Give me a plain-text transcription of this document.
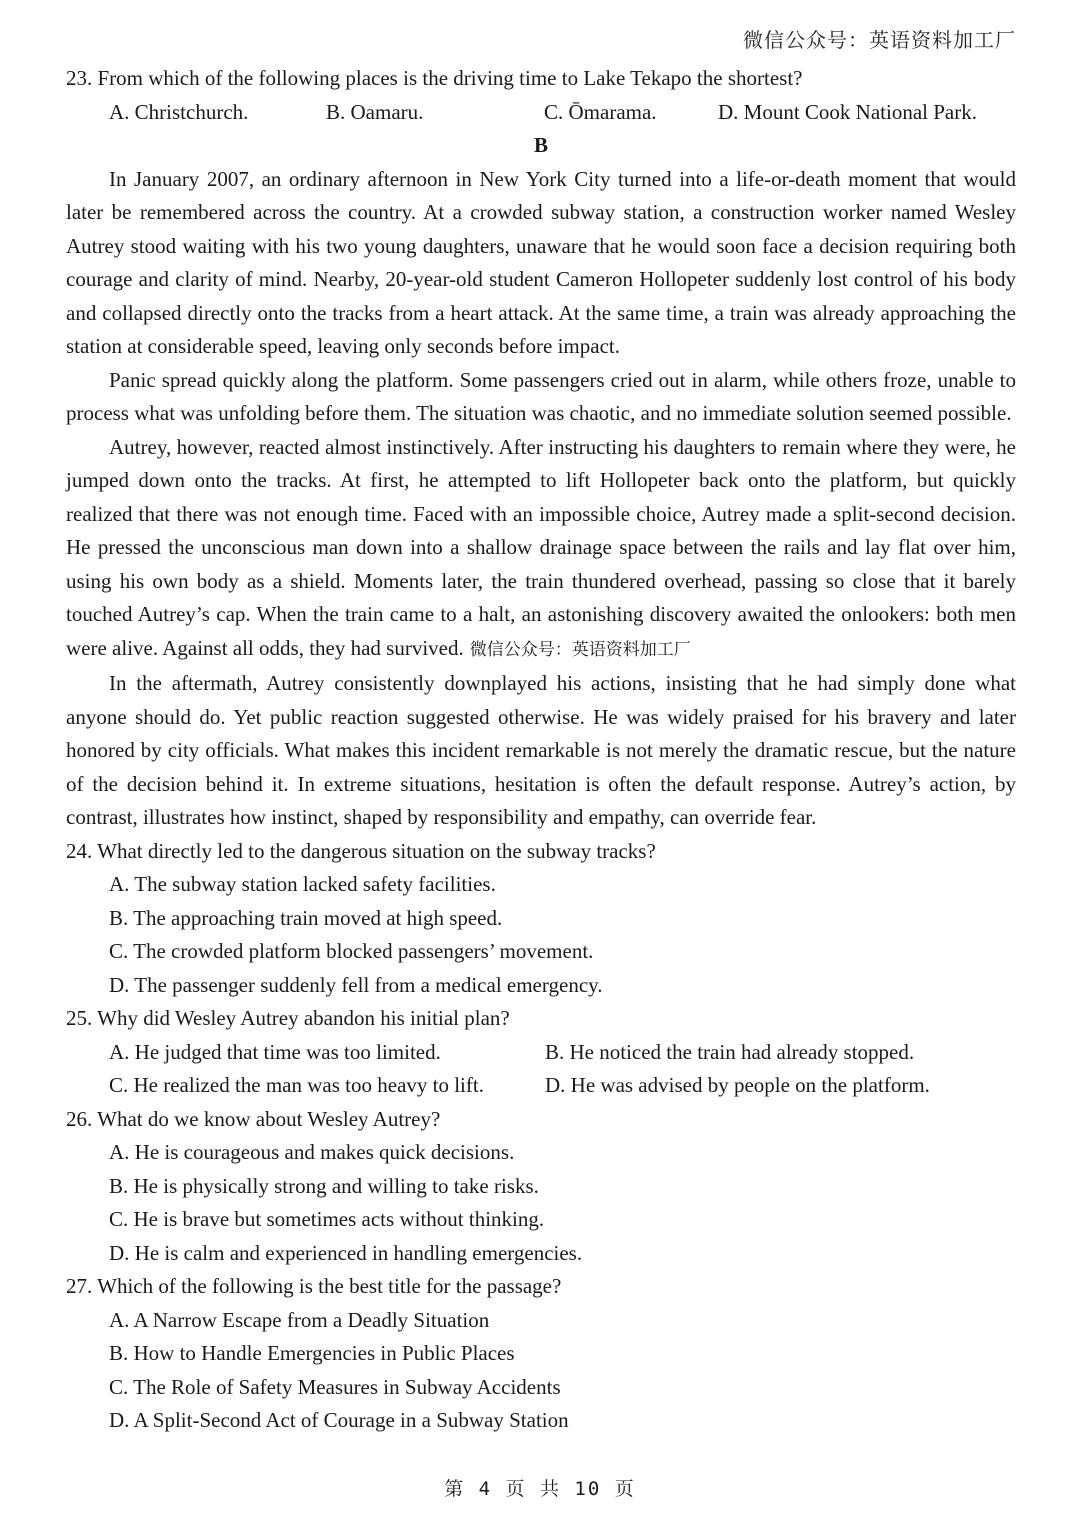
微信公众号：英语资料加工厂

23. From which of the following places is the driving time to Lake Tekapo the shortest?

A. Christchurch.	B. Oamaru.	C. Ōmarama.	D. Mount Cook National Park.

B

In January 2007, an ordinary afternoon in New York City turned into a life-or-death moment that would later be remembered across the country. At a crowded subway station, a construction worker named Wesley Autrey stood waiting with his two young daughters, unaware that he would soon face a decision requiring both courage and clarity of mind. Nearby, 20-year-old student Cameron Hollopeter suddenly lost control of his body and collapsed directly onto the tracks from a heart attack. At the same time, a train was already approaching the station at considerable speed, leaving only seconds before impact.

Panic spread quickly along the platform. Some passengers cried out in alarm, while others froze, unable to process what was unfolding before them. The situation was chaotic, and no immediate solution seemed possible.

Autrey, however, reacted almost instinctively. After instructing his daughters to remain where they were, he jumped down onto the tracks. At first, he attempted to lift Hollopeter back onto the platform, but quickly realized that there was not enough time. Faced with an impossible choice, Autrey made a split-second decision. He pressed the unconscious man down into a shallow drainage space between the rails and lay flat over him, using his own body as a shield. Moments later, the train thundered overhead, passing so close that it barely touched Autrey’s cap. When the train came to a halt, an astonishing discovery awaited the onlookers: both men were alive. Against all odds, they had survived. 微信公众号：英语资料加工厂

In the aftermath, Autrey consistently downplayed his actions, insisting that he had simply done what anyone should do. Yet public reaction suggested otherwise. He was widely praised for his bravery and later honored by city officials. What makes this incident remarkable is not merely the dramatic rescue, but the nature of the decision behind it. In extreme situations, hesitation is often the default response. Autrey’s action, by contrast, illustrates how instinct, shaped by responsibility and empathy, can override fear.

24. What directly led to the dangerous situation on the subway tracks?

A. The subway station lacked safety facilities.

B. The approaching train moved at high speed.

C. The crowded platform blocked passengers’ movement.

D. The passenger suddenly fell from a medical emergency.

25. Why did Wesley Autrey abandon his initial plan?

A. He judged that time was too limited.	B. He noticed the train had already stopped.
C. He realized the man was too heavy to lift.	D. He was advised by people on the platform.

26. What do we know about Wesley Autrey?

A. He is courageous and makes quick decisions.

B. He is physically strong and willing to take risks.

C. He is brave but sometimes acts without thinking.

D. He is calm and experienced in handling emergencies.

27. Which of the following is the best title for the passage?

A. A Narrow Escape from a Deadly Situation

B. How to Handle Emergencies in Public Places

C. The Role of Safety Measures in Subway Accidents

D. A Split-Second Act of Courage in a Subway Station

第 4 页 共 10 页
